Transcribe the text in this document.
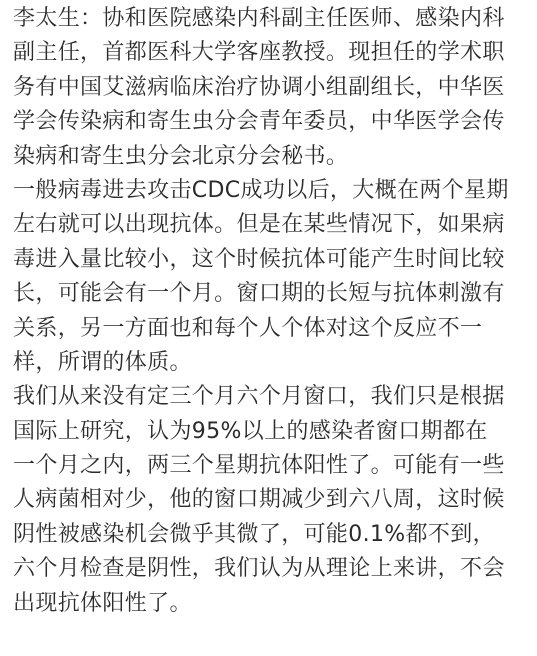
李太生：协和医院感染内科副主任医师、感染内科
副主任，首都医科大学客座教授。现担任的学术职
务有中国艾滋病临床治疗协调小组副组长，中华医
学会传染病和寄生虫分会青年委员，中华医学会传
染病和寄生虫分会北京分会秘书。
一般病毒进去攻击CDC成功以后，大概在两个星期
左右就可以出现抗体。但是在某些情况下，如果病
毒进入量比较小，这个时候抗体可能产生时间比较
长，可能会有一个月。窗口期的长短与抗体刺激有
关系，另一方面也和每个人个体对这个反应不一
样，所谓的体质。
我们从来没有定三个月六个月窗口，我们只是根据
国际上研究，认为95%以上的感染者窗口期都在
一个月之内，两三个星期抗体阳性了。可能有一些
人病菌相对少，他的窗口期减少到六八周，这时候
阴性被感染机会微乎其微了，可能0.1%都不到，
六个月检查是阴性，我们认为从理论上来讲，不会
出现抗体阳性了。
